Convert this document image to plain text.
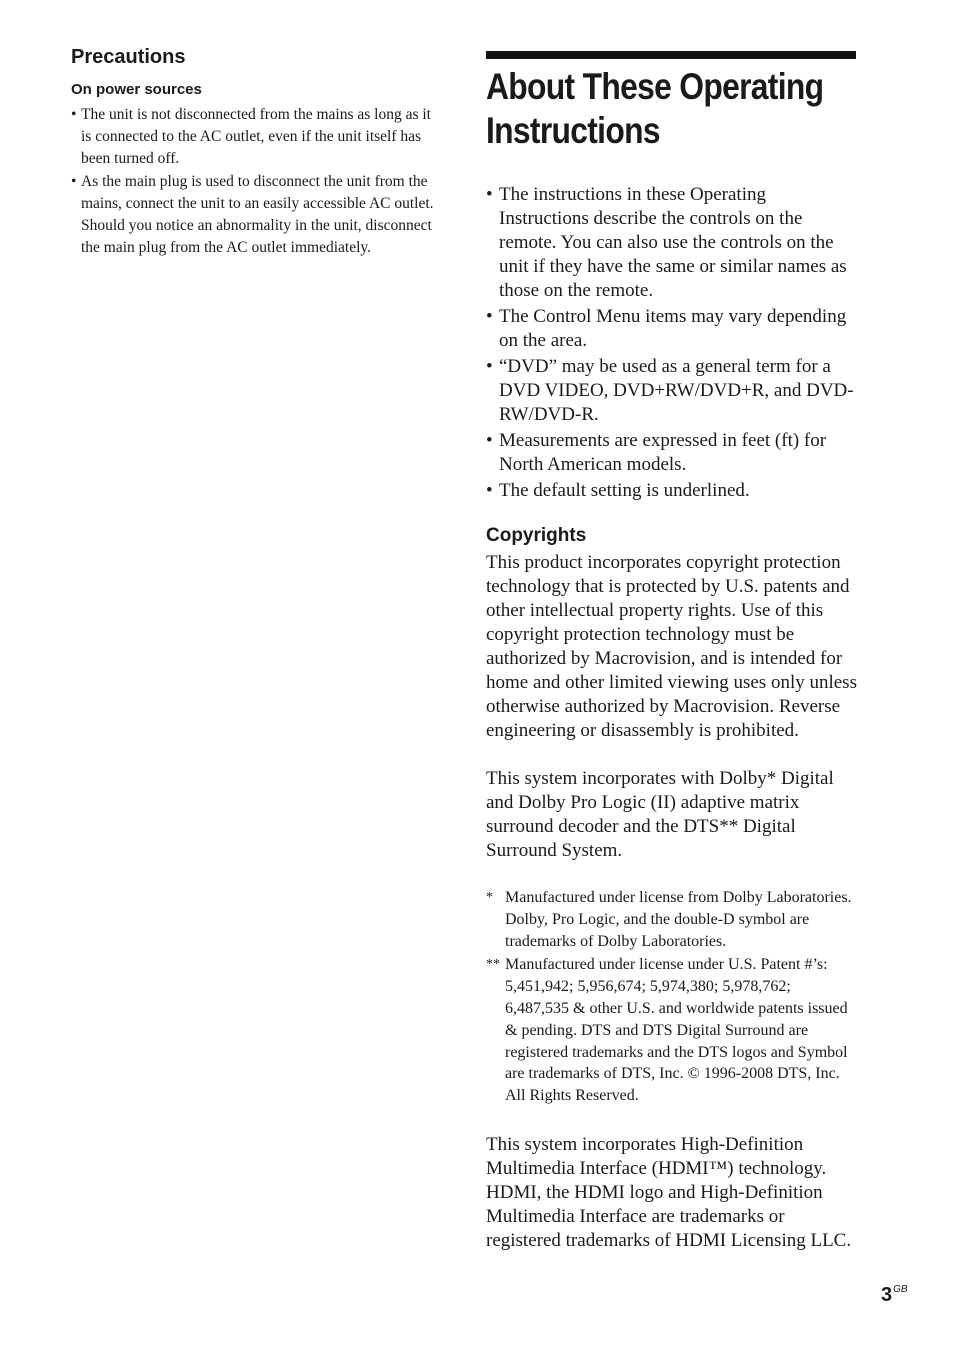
Precautions
On power sources
• The unit is not disconnected from the mains as long as it is connected to the AC outlet, even if the unit itself has been turned off.
• As the main plug is used to disconnect the unit from the mains, connect the unit to an easily accessible AC outlet. Should you notice an abnormality in the unit, disconnect the main plug from the AC outlet immediately.
About These Operating
Instructions
• The instructions in these Operating Instructions describe the controls on the remote. You can also use the controls on the unit if they have the same or similar names as those on the remote.
• The Control Menu items may vary depending on the area.
• “DVD” may be used as a general term for a DVD VIDEO, DVD+RW/DVD+R, and DVD-RW/DVD-R.
• Measurements are expressed in feet (ft) for North American models.
• The default setting is underlined.
Copyrights

This product incorporates copyright protection technology that is protected by U.S. patents and other intellectual property rights. Use of this copyright protection technology must be authorized by Macrovision, and is intended for home and other limited viewing uses only unless otherwise authorized by Macrovision. Reverse engineering or disassembly is prohibited.

This system incorporates with Dolby* Digital and Dolby Pro Logic (II) adaptive matrix surround decoder and the DTS** Digital Surround System.

* Manufactured under license from Dolby Laboratories.

Dolby, Pro Logic, and the double-D symbol are trademarks of Dolby Laboratories.

** Manufactured under license under U.S. Patent #’s: 5,451,942; 5,956,674; 5,974,380; 5,978,762; 6,487,535 & other U.S. and worldwide patents issued & pending. DTS and DTS Digital Surround are registered trademarks and the DTS logos and Symbol are trademarks of DTS, Inc. © 1996-2008 DTS, Inc. All Rights Reserved.

This system incorporates High-Definition Multimedia Interface (HDMI™) technology. HDMI, the HDMI logo and High-Definition Multimedia Interface are trademarks or registered trademarks of HDMI Licensing LLC.

$3^{GB}$
